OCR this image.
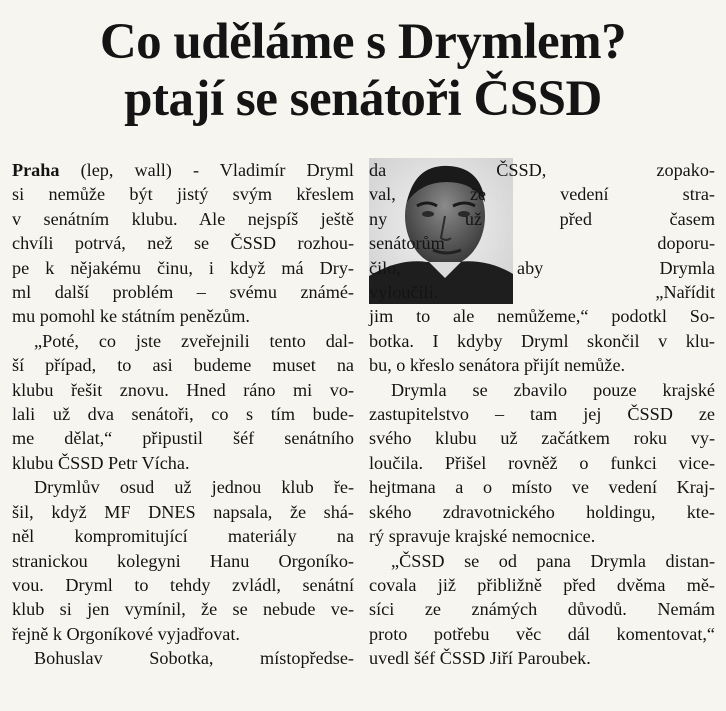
Co uděláme s Drymlem?
ptají se senátoři ČSSD

Praha (lep, wall) - Vladimír Dryml
si nemůže být jistý svým křeslem
v senátním klubu. Ale nejspíš ještě
chvíli potrvá, než se ČSSD rozhou-
pe k nějakému činu, i když má Dry-
ml další problém – svému známé-
mu pomohl ke státním penězům.

„Poté, co jste zveřejnili tento dal-
ší případ, to asi budeme muset na
klubu řešit znovu. Hned ráno mi vo-
lali už dva senátoři, co s tím bude-
me dělat,“ připustil šéf senátního
klubu ČSSD Petr Vícha.

Drymlův osud už jednou klub ře-
šil, když MF DNES napsala, že shá-
něl kompromitující materiály na
stranickou kolegyni Hanu Orgoníko-
vou. Dryml to tehdy zvládl, senátní
klub si jen vymínil, že se nebude ve-
řejně k Orgoníkové vyjadřovat.

Bohuslav Sobotka, místopředse-

da ČSSD, zopako-
val, že vedení stra-
ny už před časem
senátorům doporu-
čilo, aby Drymla
vyloučili. „Nařídit

jim to ale nemůžeme,“ podotkl So-
botka. I kdyby Dryml skončil v klu-
bu, o křeslo senátora přijít nemůže.

Drymla se zbavilo pouze krajské
zastupitelstvo – tam jej ČSSD ze
svého klubu už začátkem roku vy-
loučila. Přišel rovněž o funkci vice-
hejtmana a o místo ve vedení Kraj-
ského zdravotnického holdingu, kte-
rý spravuje krajské nemocnice.

„ČSSD se od pana Drymla distan-
covala již přibližně před dvěma mě-
síci ze známých důvodů. Nemám
proto potřebu věc dál komentovat,“
uvedl šéf ČSSD Jiří Paroubek.
